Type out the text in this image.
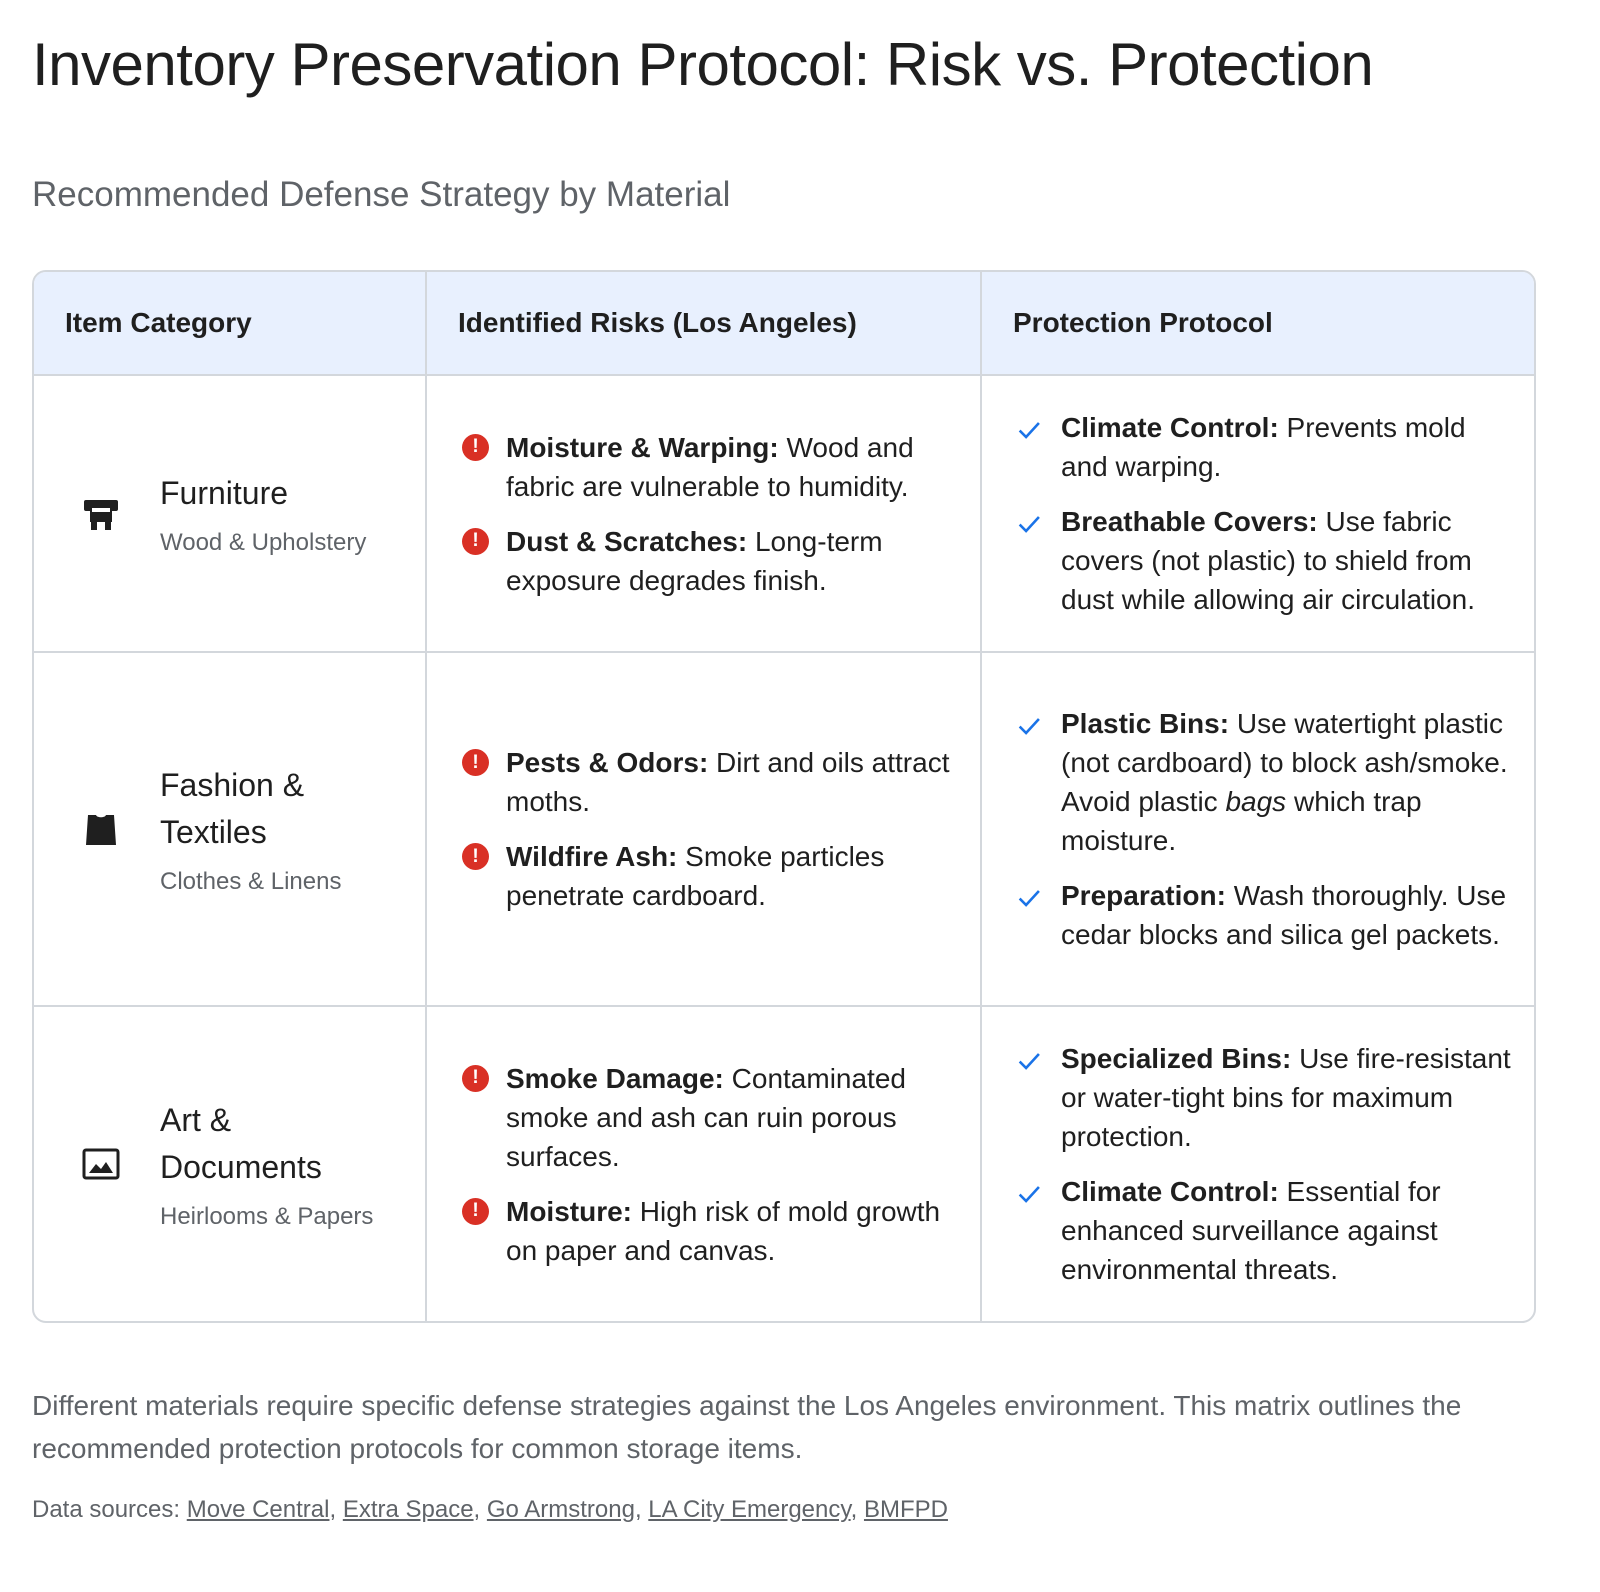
Inventory Preservation Protocol: Risk vs. Protection
Recommended Defense Strategy by Material
Item Category	Identified Risks (Los Angeles)	Protection Protocol
Furniture
Wood & Upholstery
! Moisture & Warping: Wood and fabric are vulnerable to humidity.
! Dust & Scratches: Long-term exposure degrades finish.
Climate Control: Prevents mold and warping.
Breathable Covers: Use fabric covers (not plastic) to shield from dust while allowing air circulation.
Fashion &
Textiles
Clothes & Linens
! Pests & Odors: Dirt and oils attract moths.
! Wildfire Ash: Smoke particles penetrate cardboard.
Plastic Bins: Use watertight plastic (not cardboard) to block ash/smoke. Avoid plastic bags which trap moisture.
Preparation: Wash thoroughly. Use cedar blocks and silica gel packets.
Art &
Documents
Heirlooms & Papers
! Smoke Damage: Contaminated smoke and ash can ruin porous surfaces.
! Moisture: High risk of mold growth on paper and canvas.
Specialized Bins: Use fire-resistant or water-tight bins for maximum protection.
Climate Control: Essential for enhanced surveillance against environmental threats.
Different materials require specific defense strategies against the Los Angeles environment. This matrix outlines the recommended protection protocols for common storage items.
Data sources: Move Central, Extra Space, Go Armstrong, LA City Emergency, BMFPD
